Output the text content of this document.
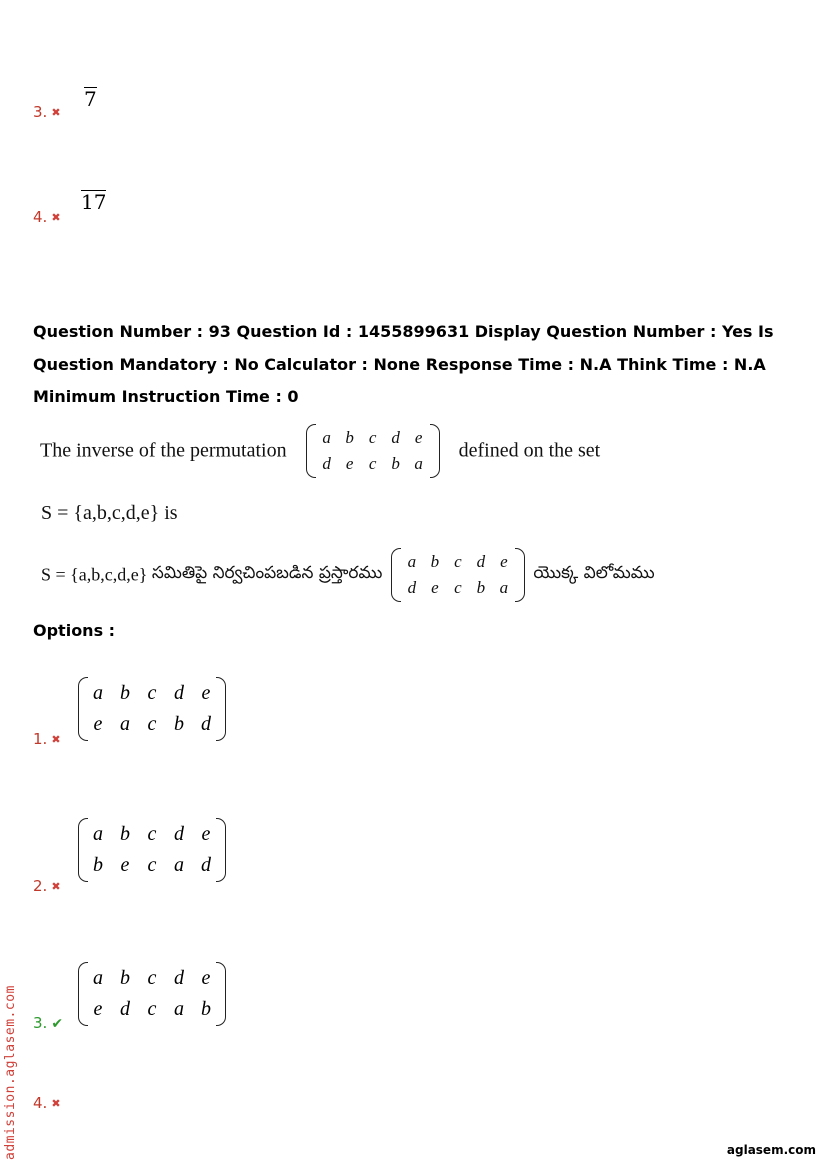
3. ✖
7
4. ✖
17
Question Number : 93 Question Id : 1455899631 Display Question Number : Yes Is Question Mandatory : No Calculator : None Response Time : N.A Think Time : N.A Minimum Instruction Time : 0
The inverse of the permutation
a b c d e
d e c b a
defined on the set
S = {a,b,c,d,e} is
S = {a,b,c,d,e} సమితిపై నిర్వచింపబడిన ప్రస్తారము
a b c d e
d e c b a
యొక్క విలోమము
Options :
a b c d e
e a c b d
1. ✖
a b c d e
b e c a d
2. ✖
a b c d e
e d c a b
3. ✔
4. ✖
admission.aglasem.com	aglasem.com
